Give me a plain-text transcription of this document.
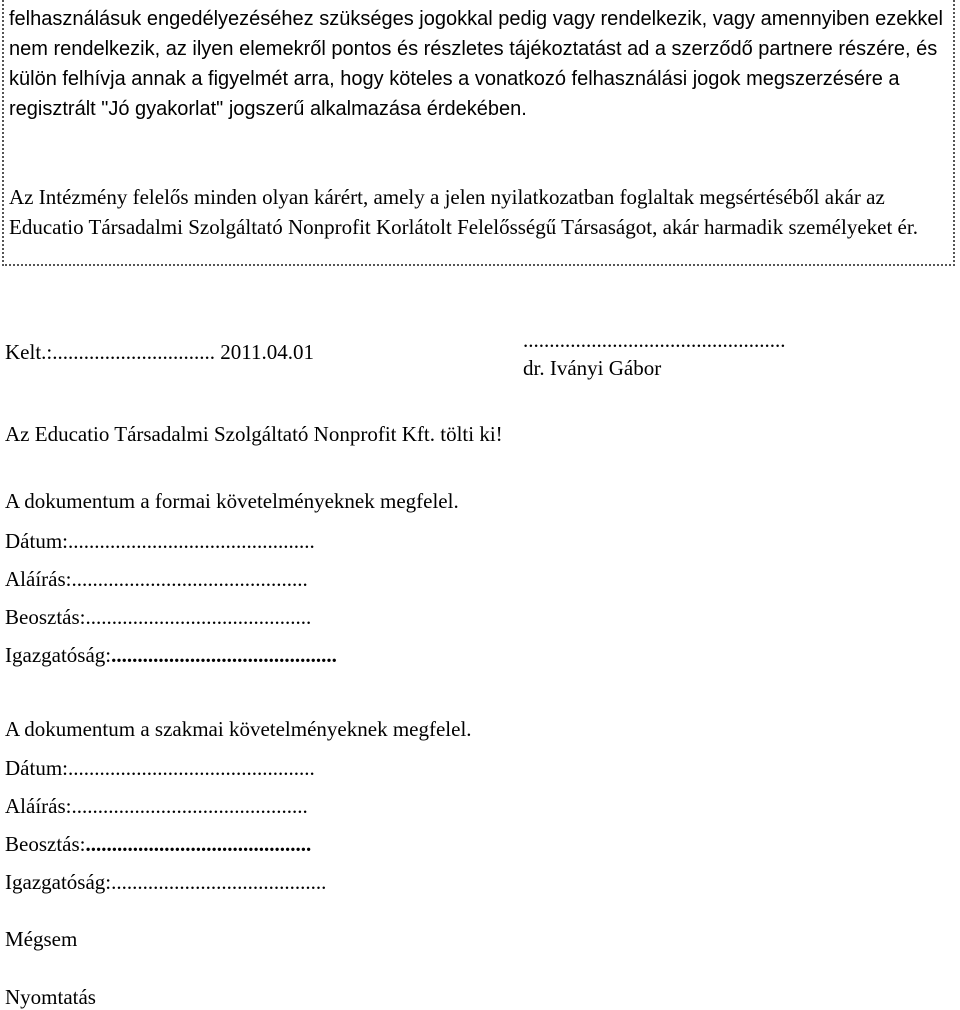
felhasználásuk engedélyezéséhez szükséges jogokkal pedig vagy rendelkezik, vagy amennyiben ezekkel nem rendelkezik, az ilyen elemekről pontos és részletes tájékoztatást ad a szerződő partnere részére, és külön felhívja annak a figyelmét arra, hogy köteles a vonatkozó felhasználási jogok megszerzésére a regisztrált "Jó gyakorlat" jogszerű alkalmazása érdekében.

Az Intézmény felelős minden olyan kárért, amely a jelen nyilatkozatban foglaltak megsértéséből akár az Educatio Társadalmi Szolgáltató Nonprofit Korlátolt Felelősségű Társaságot, akár harmadik személyeket ér.

Kelt.:............................... 2011.04.01	..................................................
dr. Iványi Gábor
Az Educatio Társadalmi Szolgáltató Nonprofit Kft. tölti ki!
A dokumentum a formai követelményeknek megfelel.
Dátum:...............................................
Aláírás:.............................................
Beosztás:...........................................
Igazgatóság:...........................................
A dokumentum a szakmai követelményeknek megfelel.
Dátum:...............................................
Aláírás:.............................................
Beosztás:...........................................
Igazgatóság:.........................................
Mégsem
Nyomtatás
